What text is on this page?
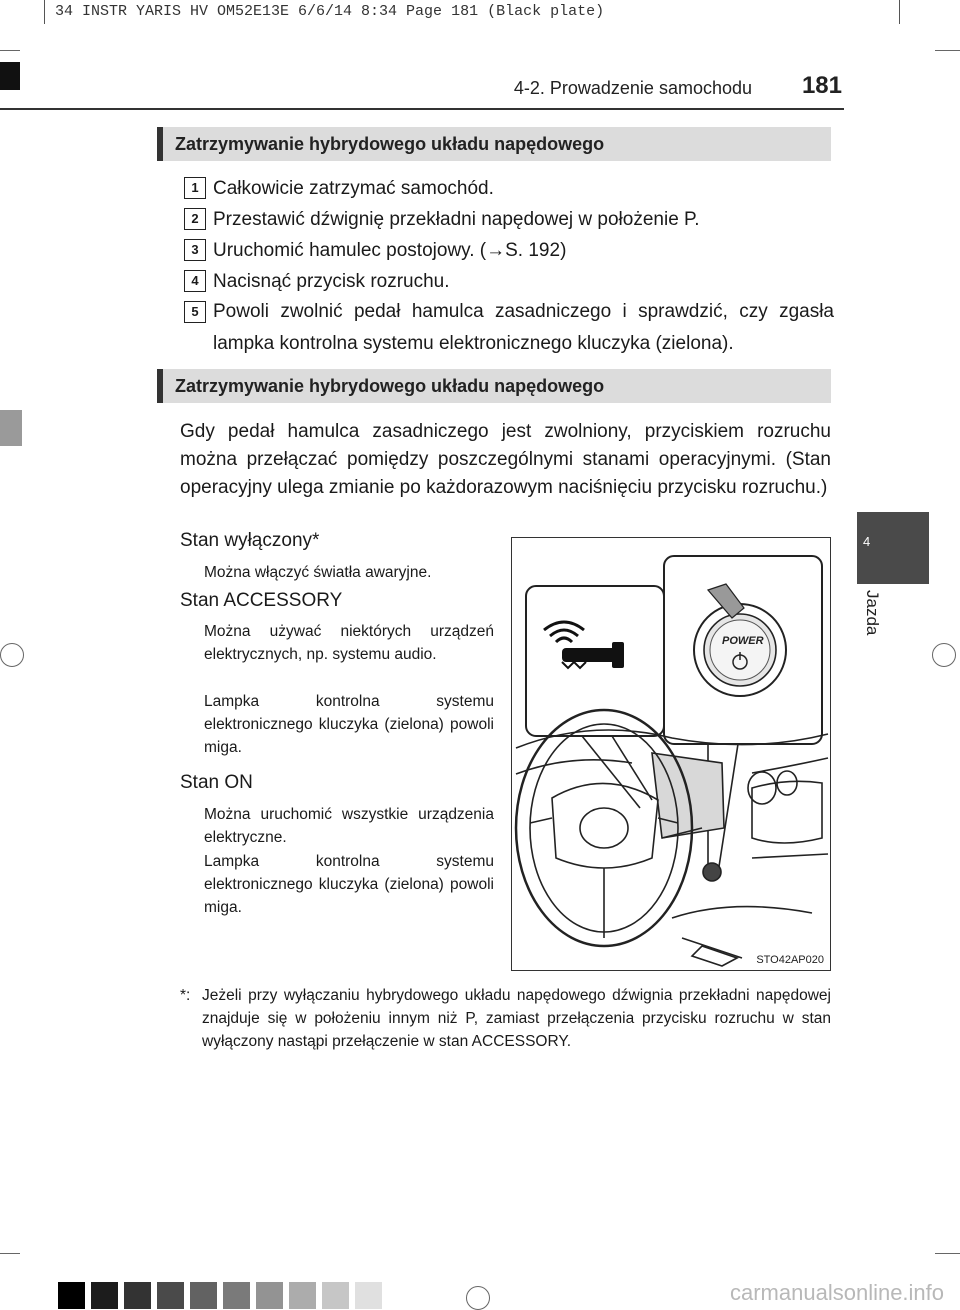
34 INSTR YARIS HV OM52E13E 6/6/14 8:34 Page 181 (Black plate)
4-2. Prowadzenie samochodu 181
4
Jazda
Zatrzymywanie hybrydowego układu napędowego
1 Całkowicie zatrzymać samochód.
2 Przestawić dźwignię przekładni napędowej w położenie P.
3 Uruchomić hamulec postojowy. (→S. 192)
4 Nacisnąć przycisk rozruchu.
5 Powoli zwolnić pedał hamulca zasadniczego i sprawdzić, czy zgasła lampka kontrolna systemu elektronicznego kluczyka (zielona).
Zatrzymywanie hybrydowego układu napędowego
Gdy pedał hamulca zasadniczego jest zwolniony, przyciskiem rozruchu można przełączać pomiędzy poszczególnymi stanami operacyjnymi. (Stan operacyjny ulega zmianie po każdorazowym naciśnięciu przycisku rozruchu.)
Stan wyłączony*
Można włączyć światła awaryjne.
Stan ACCESSORY
Można używać niektórych urządzeń elektrycznych, np. systemu audio.
Lampka kontrolna systemu elektronicznego kluczyka (zielona) powoli miga.
Stan ON
Można uruchomić wszystkie urządzenia elektryczne.
Lampka kontrolna systemu elektronicznego kluczyka (zielona) powoli miga.
POWER
STO42AP020
*: Jeżeli przy wyłączaniu hybrydowego układu napędowego dźwignia przekładni napędowej znajduje się w położeniu innym niż P, zamiast przełączenia przycisku rozruchu w stan wyłączony nastąpi przełączenie w stan ACCESSORY.
carmanualsonline.info
